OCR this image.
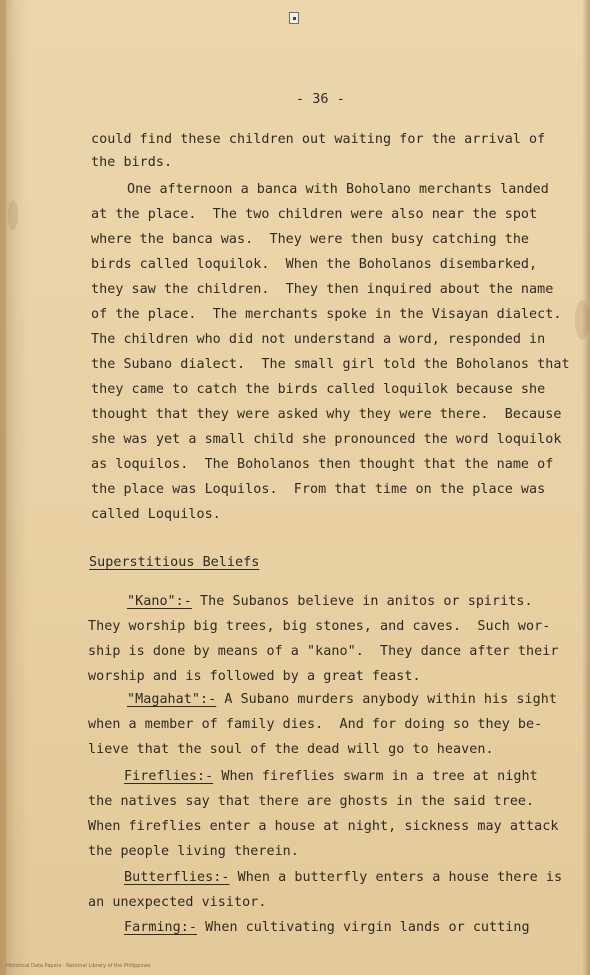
- 36 -
could find these children out waiting for the arrival of
the birds.
One afternoon a banca with Boholano merchants landed
at the place.  The two children were also near the spot
where the banca was.  They were then busy catching the
birds called loquilok.  When the Boholanos disembarked,
they saw the children.  They then inquired about the name
of the place.  The merchants spoke in the Visayan dialect.
The children who did not understand a word, responded in
the Subano dialect.  The small girl told the Boholanos that
they came to catch the birds called loquilok because she
thought that they were asked why they were there.  Because
she was yet a small child she pronounced the word loquilok
as loquilos.  The Boholanos then thought that the name of
the place was Loquilos.  From that time on the place was
called Loquilos.
Superstitious Beliefs
"Kano":- The Subanos believe in anitos or spirits.
They worship big trees, big stones, and caves.  Such wor-
ship is done by means of a "kano".  They dance after their
worship and is followed by a great feast.
"Magahat":- A Subano murders anybody within his sight
when a member of family dies.  And for doing so they be-
lieve that the soul of the dead will go to heaven.
Fireflies:- When fireflies swarm in a tree at night
the natives say that there are ghosts in the said tree.
When fireflies enter a house at night, sickness may attack
the people living therein.
Butterflies:- When a butterfly enters a house there is
an unexpected visitor.
Farming:- When cultivating virgin lands or cutting
Historical Data Papers · National Library of the Philippines
